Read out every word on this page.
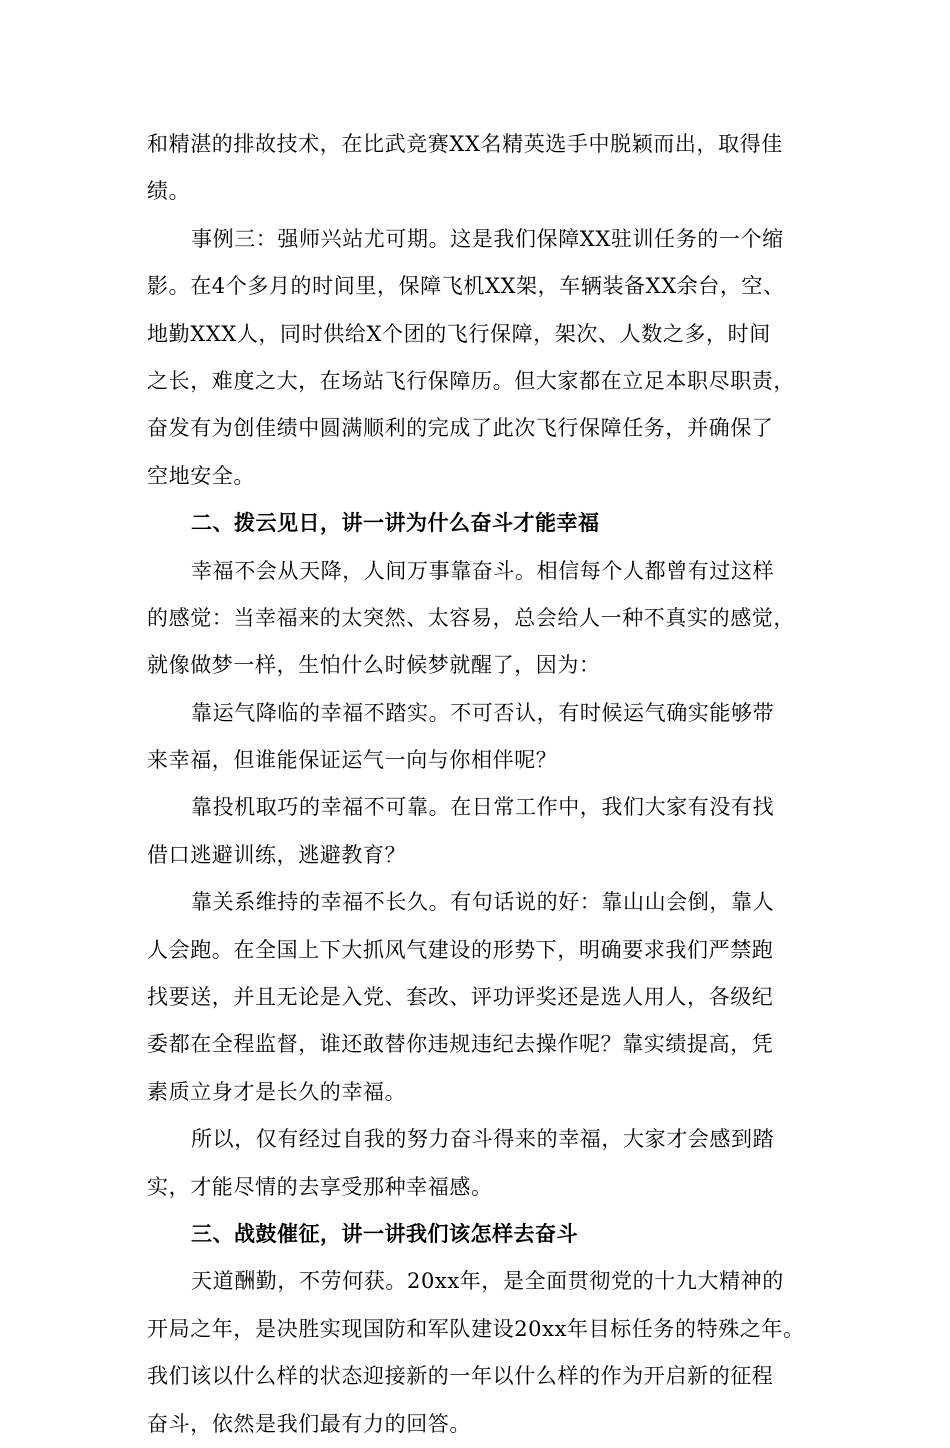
和精湛的排故技术，在比武竞赛XX名精英选手中脱颖而出，取得佳
绩。
事例三：强师兴站尤可期。这是我们保障XX驻训任务的一个缩
影。在4个多月的时间里，保障飞机XX架，车辆装备XX余台，空、
地勤XXX人，同时供给X个团的飞行保障，架次、人数之多，时间
之长，难度之大，在场站飞行保障历。但大家都在立足本职尽职责，
奋发有为创佳绩中圆满顺利的完成了此次飞行保障任务，并确保了
空地安全。
二、拨云见日，讲一讲为什么奋斗才能幸福
幸福不会从天降，人间万事靠奋斗。相信每个人都曾有过这样
的感觉：当幸福来的太突然、太容易，总会给人一种不真实的感觉，
就像做梦一样，生怕什么时候梦就醒了，因为：
靠运气降临的幸福不踏实。不可否认，有时候运气确实能够带
来幸福，但谁能保证运气一向与你相伴呢？
靠投机取巧的幸福不可靠。在日常工作中，我们大家有没有找
借口逃避训练，逃避教育？
靠关系维持的幸福不长久。有句话说的好：靠山山会倒，靠人
人会跑。在全国上下大抓风气建设的形势下，明确要求我们严禁跑
找要送，并且无论是入党、套改、评功评奖还是选人用人，各级纪
委都在全程监督，谁还敢替你违规违纪去操作呢？靠实绩提高，凭
素质立身才是长久的幸福。
所以，仅有经过自我的努力奋斗得来的幸福，大家才会感到踏
实，才能尽情的去享受那种幸福感。
三、战鼓催征，讲一讲我们该怎样去奋斗
天道酬勤，不劳何获。20xx年，是全面贯彻党的十九大精神的
开局之年，是决胜实现国防和军队建设20xx年目标任务的特殊之年。
我们该以什么样的状态迎接新的一年以什么样的作为开启新的征程
奋斗，依然是我们最有力的回答。
